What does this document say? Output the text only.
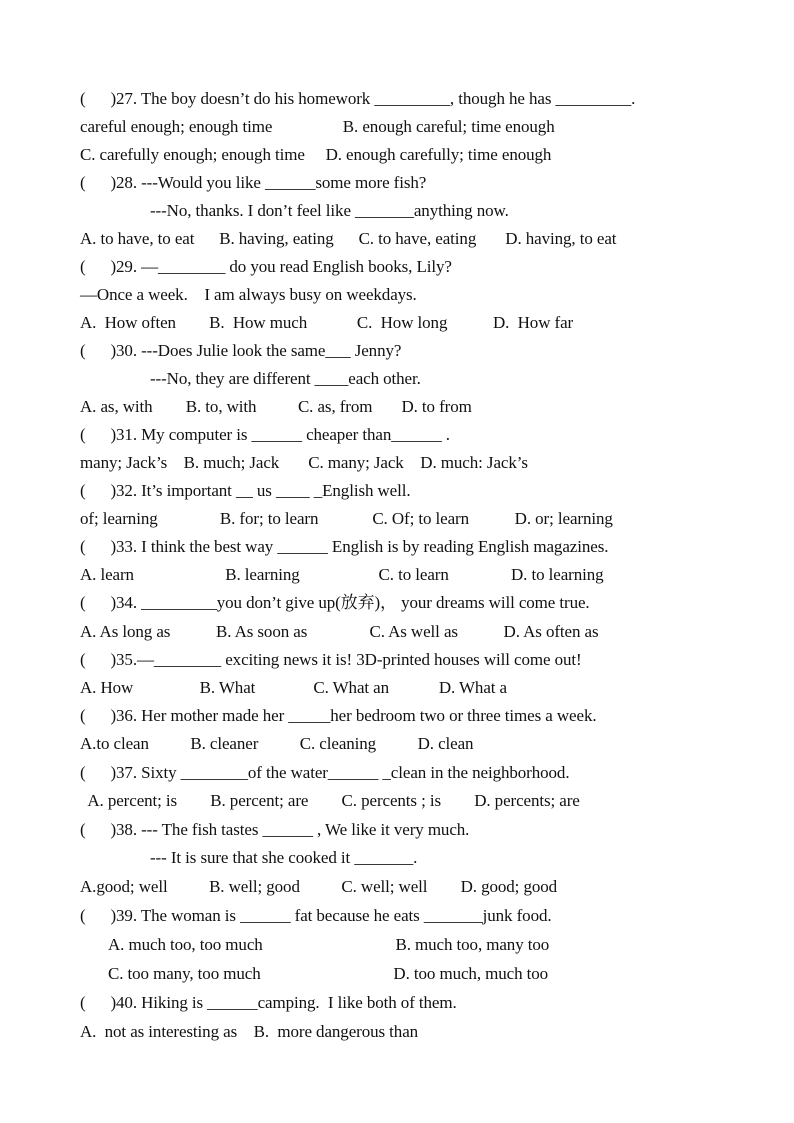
(      )27. The boy doesn’t do his homework _________, though he has _________.
careful enough; enough time                 B. enough careful; time enough
C. carefully enough; enough time     D. enough carefully; time enough
(      )28. ---Would you like ______some more fish?
---No, thanks. I don’t feel like _______anything now.
A. to have, to eat      B. having, eating      C. to have, eating       D. having, to eat
(      )29. —________ do you read English books, Lily?
—Once a week.    I am always busy on weekdays.
A.  How often        B.  How much            C.  How long           D.  How far
(      )30. ---Does Julie look the same___ Jenny?
---No, they are different ____each other.
A. as, with        B. to, with          C. as, from       D. to from
(      )31. My computer is ______ cheaper than______ .
many; Jack’s    B. much; Jack       C. many; Jack    D. much: Jack’s
(      )32. It’s important __ us ____ _English well.
of; learning               B. for; to learn             C. Of; to learn           D. or; learning
(      )33. I think the best way ______ English is by reading English magazines.
A. learn                      B. learning                   C. to learn               D. to learning
(      )34. _________you don’t give up(放弃)， your dreams will come true.
A. As long as           B. As soon as               C. As well as           D. As often as
(      )35.—________ exciting news it is! 3D-printed houses will come out!
A. How                B. What              C. What an            D. What a
(      )36. Her mother made her _____her bedroom two or three times a week.
A.to clean          B. cleaner          C. cleaning          D. clean
(      )37. Sixty ________of the water______ _clean in the neighborhood.
A. percent; is        B. percent; are        C. percents ; is        D. percents; are
(      )38. --- The fish tastes ______ , We like it very much.
--- It is sure that she cooked it _______.
A.good; well          B. well; good          C. well; well        D. good; good
(      )39. The woman is ______ fat because he eats _______junk food.
A. much too, too much                                B. much too, many too
C. too many, too much                                D. too much, much too
(      )40. Hiking is ______camping.  I like both of them.
A.  not as interesting as    B.  more dangerous than
